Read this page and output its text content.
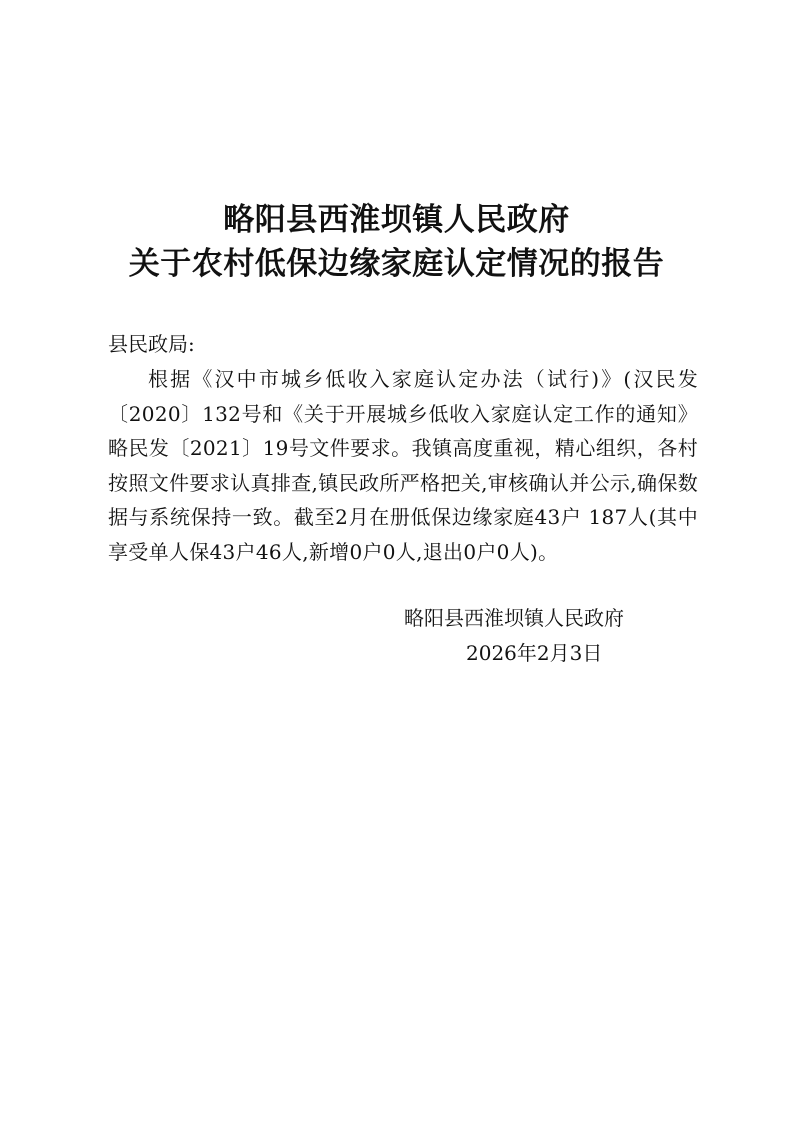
略阳县西淮坝镇人民政府
关于农村低保边缘家庭认定情况的报告
县民政局:

根据《汉中市城乡低收入家庭认定办法（试行)》(汉民发〔2020〕132号和《关于开展城乡低收入家庭认定工作的通知》略民发〔2021〕19号文件要求。我镇高度重视，精心组织，各村按照文件要求认真排查,镇民政所严格把关,审核确认并公示,确保数据与系统保持一致。截至2月在册低保边缘家庭43户 187人(其中享受单人保43户46人,新增0户0人,退出0户0人)。

略阳县西淮坝镇人民政府
2026年2月3日
